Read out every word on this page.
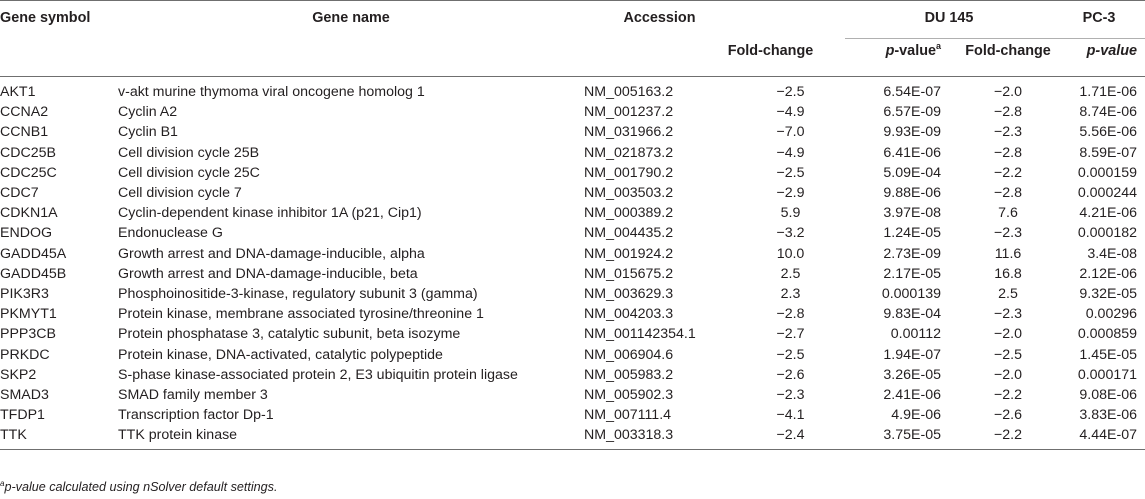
Gene symbol	Gene name	Accession		DU 145		PC-3
			Fold-change	p-value$^a$	Fold-change	p-value
AKT1	v-akt murine thymoma viral oncogene homolog 1	NM_005163.2	−2.5	6.54E-07	−2.0	1.71E-06
CCNA2	Cyclin A2	NM_001237.2	−4.9	6.57E-09	−2.8	8.74E-06
CCNB1	Cyclin B1	NM_031966.2	−7.0	9.93E-09	−2.3	5.56E-06
CDC25B	Cell division cycle 25B	NM_021873.2	−4.9	6.41E-06	−2.8	8.59E-07
CDC25C	Cell division cycle 25C	NM_001790.2	−2.5	5.09E-04	−2.2	0.000159
CDC7	Cell division cycle 7	NM_003503.2	−2.9	9.88E-06	−2.8	0.000244
CDKN1A	Cyclin-dependent kinase inhibitor 1A (p21, Cip1)	NM_000389.2	5.9	3.97E-08	7.6	4.21E-06
ENDOG	Endonuclease G	NM_004435.2	−3.2	1.24E-05	−2.3	0.000182
GADD45A	Growth arrest and DNA-damage-inducible, alpha	NM_001924.2	10.0	2.73E-09	11.6	3.4E-08
GADD45B	Growth arrest and DNA-damage-inducible, beta	NM_015675.2	2.5	2.17E-05	16.8	2.12E-06
PIK3R3	Phosphoinositide-3-kinase, regulatory subunit 3 (gamma)	NM_003629.3	2.3	0.000139	2.5	9.32E-05
PKMYT1	Protein kinase, membrane associated tyrosine/threonine 1	NM_004203.3	−2.8	9.83E-04	−2.3	0.00296
PPP3CB	Protein phosphatase 3, catalytic subunit, beta isozyme	NM_001142354.1	−2.7	0.00112	−2.0	0.000859
PRKDC	Protein kinase, DNA-activated, catalytic polypeptide	NM_006904.6	−2.5	1.94E-07	−2.5	1.45E-05
SKP2	S-phase kinase-associated protein 2, E3 ubiquitin protein ligase	NM_005983.2	−2.6	3.26E-05	−2.0	0.000171
SMAD3	SMAD family member 3	NM_005902.3	−2.3	2.41E-06	−2.2	9.08E-06
TFDP1	Transcription factor Dp-1	NM_007111.4	−4.1	4.9E-06	−2.6	3.83E-06
TTK	TTK protein kinase	NM_003318.3	−2.4	3.75E-05	−2.2	4.44E-07
$^a$p-value calculated using nSolver default settings.
